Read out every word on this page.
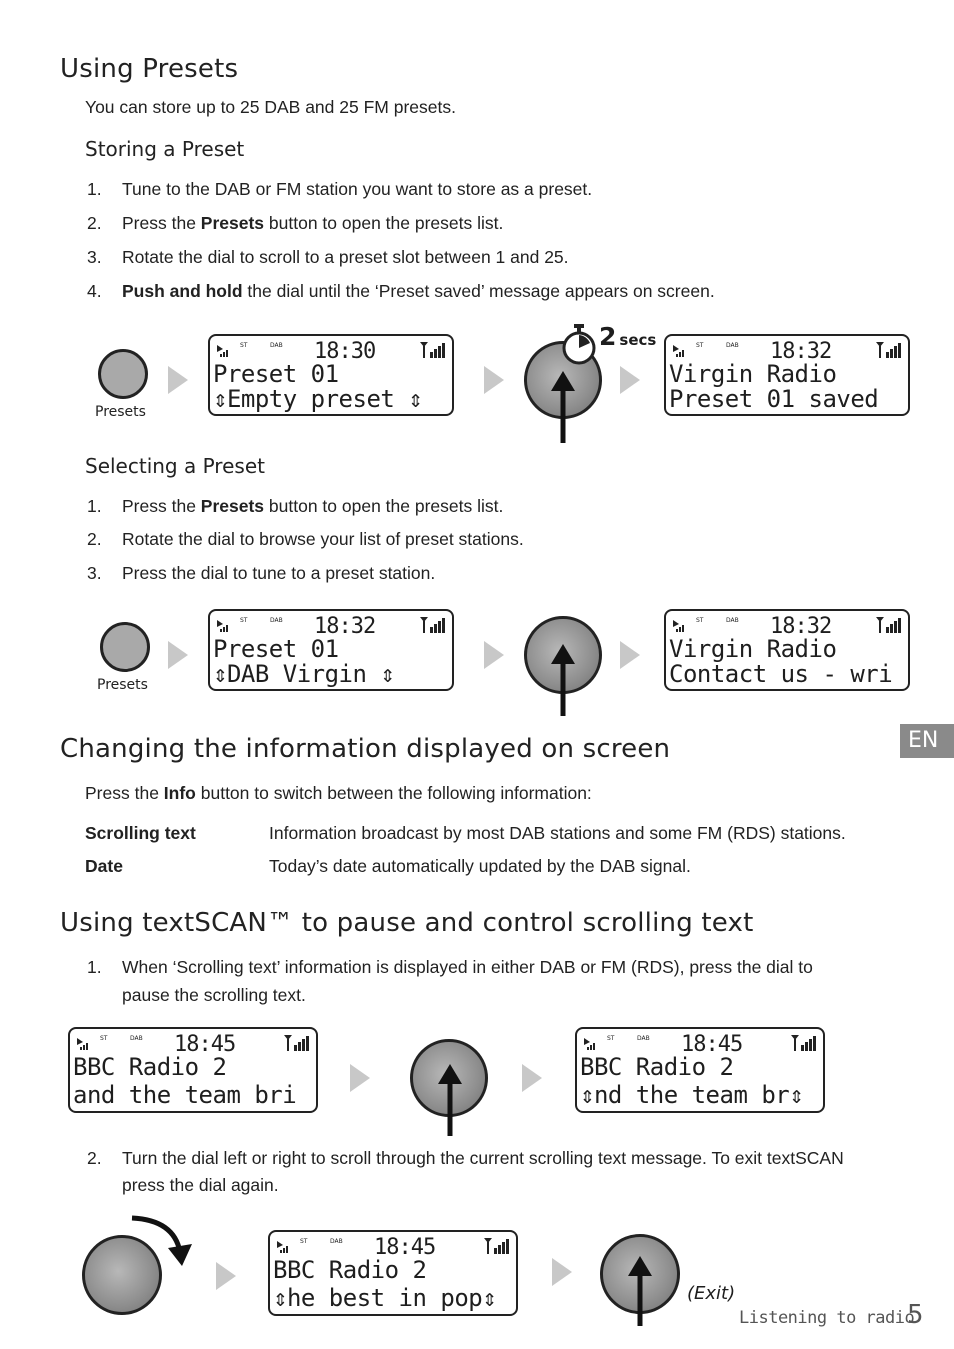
Using Presets
You can store up to 25 DAB and 25 FM presets.
Storing a Preset
1.	Tune to the DAB or FM station you want to store as a preset.
2.	Press the Presets button to open the presets list.
3.	Rotate the dial to scroll to a preset slot between 1 and 25.
4.	Push and hold the dial until the ‘Preset saved’ message appears on screen.
Presets
ST	DAB 18:30
Preset 01
⇕Empty preset ⇕
2 secs	ST	DAB 18:32
Virgin Radio
Preset 01 saved
Selecting a Preset
1.	Press the Presets button to open the presets list.
2.	Rotate the dial to browse your list of preset stations.
3.	Press the dial to tune to a preset station.
Presets
ST	DAB 18:32
Preset 01
⇕DAB Virgin ⇕
ST	DAB 18:32
Virgin Radio
Contact us - wri
EN
Changing the information displayed on screen
Press the Info button to switch between the following information:
Scrolling text	Information broadcast by most DAB stations and some FM (RDS) stations.
Date	Today’s date automatically updated by the DAB signal.
Using textSCAN™ to pause and control scrolling text
1.	When ‘Scrolling text’ information is displayed in either DAB or FM (RDS), press the dial to
pause the scrolling text.
ST	DAB 18:45
BBC Radio 2
and the team bri
ST	DAB 18:45
BBC Radio 2
⇕nd the team br⇕
2.	Turn the dial left or right to scroll through the current scrolling text message. To exit textSCAN
press the dial again.
ST	DAB 18:45
BBC Radio 2
⇕he best in pop⇕	(Exit)
Listening to radio
5
